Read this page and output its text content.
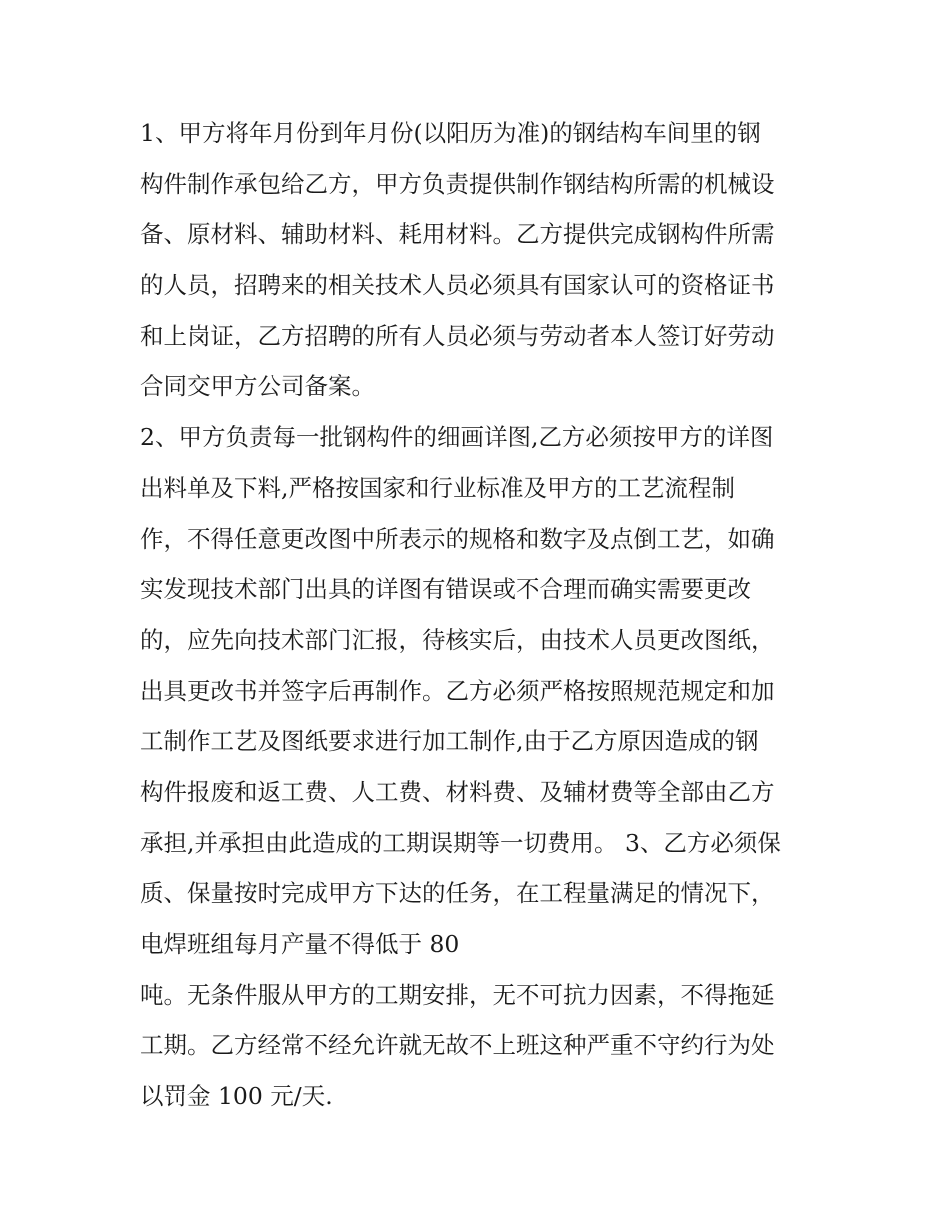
1、甲方将年月份到年月份(以阳历为准)的钢结构车间里的钢
构件制作承包给乙方，甲方负责提供制作钢结构所需的机械设
备、原材料、辅助材料、耗用材料。乙方提供完成钢构件所需
的人员，招聘来的相关技术人员必须具有国家认可的资格证书
和上岗证，乙方招聘的所有人员必须与劳动者本人签订好劳动
合同交甲方公司备案。
2、甲方负责每一批钢构件的细画详图,乙方必须按甲方的详图
出料单及下料,严格按国家和行业标准及甲方的工艺流程制
作，不得任意更改图中所表示的规格和数字及点倒工艺，如确
实发现技术部门出具的详图有错误或不合理而确实需要更改
的，应先向技术部门汇报，待核实后，由技术人员更改图纸，
出具更改书并签字后再制作。乙方必须严格按照规范规定和加
工制作工艺及图纸要求进行加工制作,由于乙方原因造成的钢
构件报废和返工费、人工费、材料费、及辅材费等全部由乙方
承担,并承担由此造成的工期误期等一切费用。 3、乙方必须保
质、保量按时完成甲方下达的任务，在工程量满足的情况下，
电焊班组每月产量不得低于 80
吨。无条件服从甲方的工期安排，无不可抗力因素，不得拖延
工期。乙方经常不经允许就无故不上班这种严重不守约行为处
以罚金 100 元/天.
